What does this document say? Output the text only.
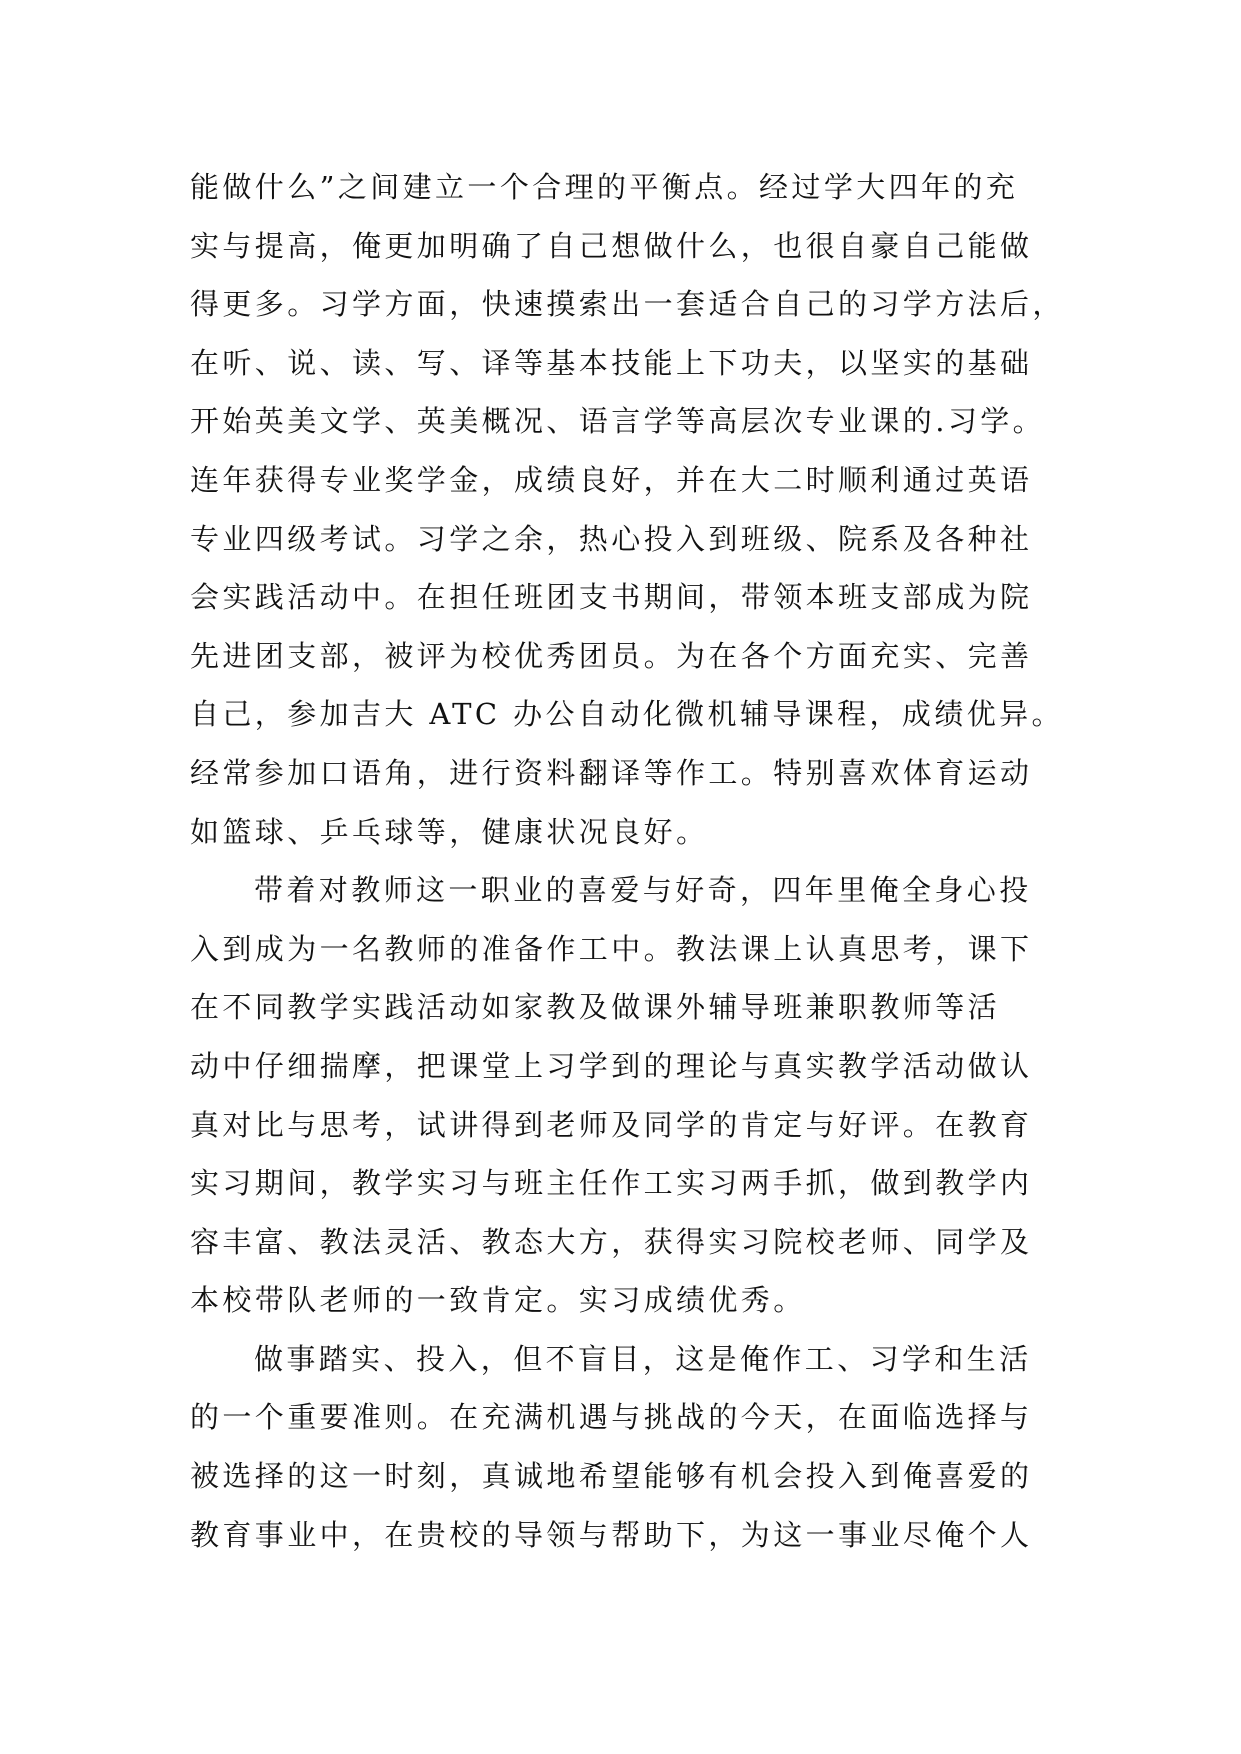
能做什么”之间建立一个合理的平衡点。经过学大四年的充
实与提高，俺更加明确了自己想做什么，也很自豪自己能做
得更多。习学方面，快速摸索出一套适合自己的习学方法后，
在听、说、读、写、译等基本技能上下功夫，以坚实的基础
开始英美文学、英美概况、语言学等高层次专业课的.习学。
连年获得专业奖学金，成绩良好，并在大二时顺利通过英语
专业四级考试。习学之余，热心投入到班级、院系及各种社
会实践活动中。在担任班团支书期间，带领本班支部成为院
先进团支部，被评为校优秀团员。为在各个方面充实、完善
自己，参加吉大 ATC 办公自动化微机辅导课程，成绩优异。
经常参加口语角，进行资料翻译等作工。特别喜欢体育运动
如篮球、乒乓球等，健康状况良好。
带着对教师这一职业的喜爱与好奇，四年里俺全身心投
入到成为一名教师的准备作工中。教法课上认真思考，课下
在不同教学实践活动如家教及做课外辅导班兼职教师等活
动中仔细揣摩，把课堂上习学到的理论与真实教学活动做认
真对比与思考，试讲得到老师及同学的肯定与好评。在教育
实习期间，教学实习与班主任作工实习两手抓，做到教学内
容丰富、教法灵活、教态大方，获得实习院校老师、同学及
本校带队老师的一致肯定。实习成绩优秀。
做事踏实、投入，但不盲目，这是俺作工、习学和生活
的一个重要准则。在充满机遇与挑战的今天，在面临选择与
被选择的这一时刻，真诚地希望能够有机会投入到俺喜爱的
教育事业中，在贵校的导领与帮助下，为这一事业尽俺个人
